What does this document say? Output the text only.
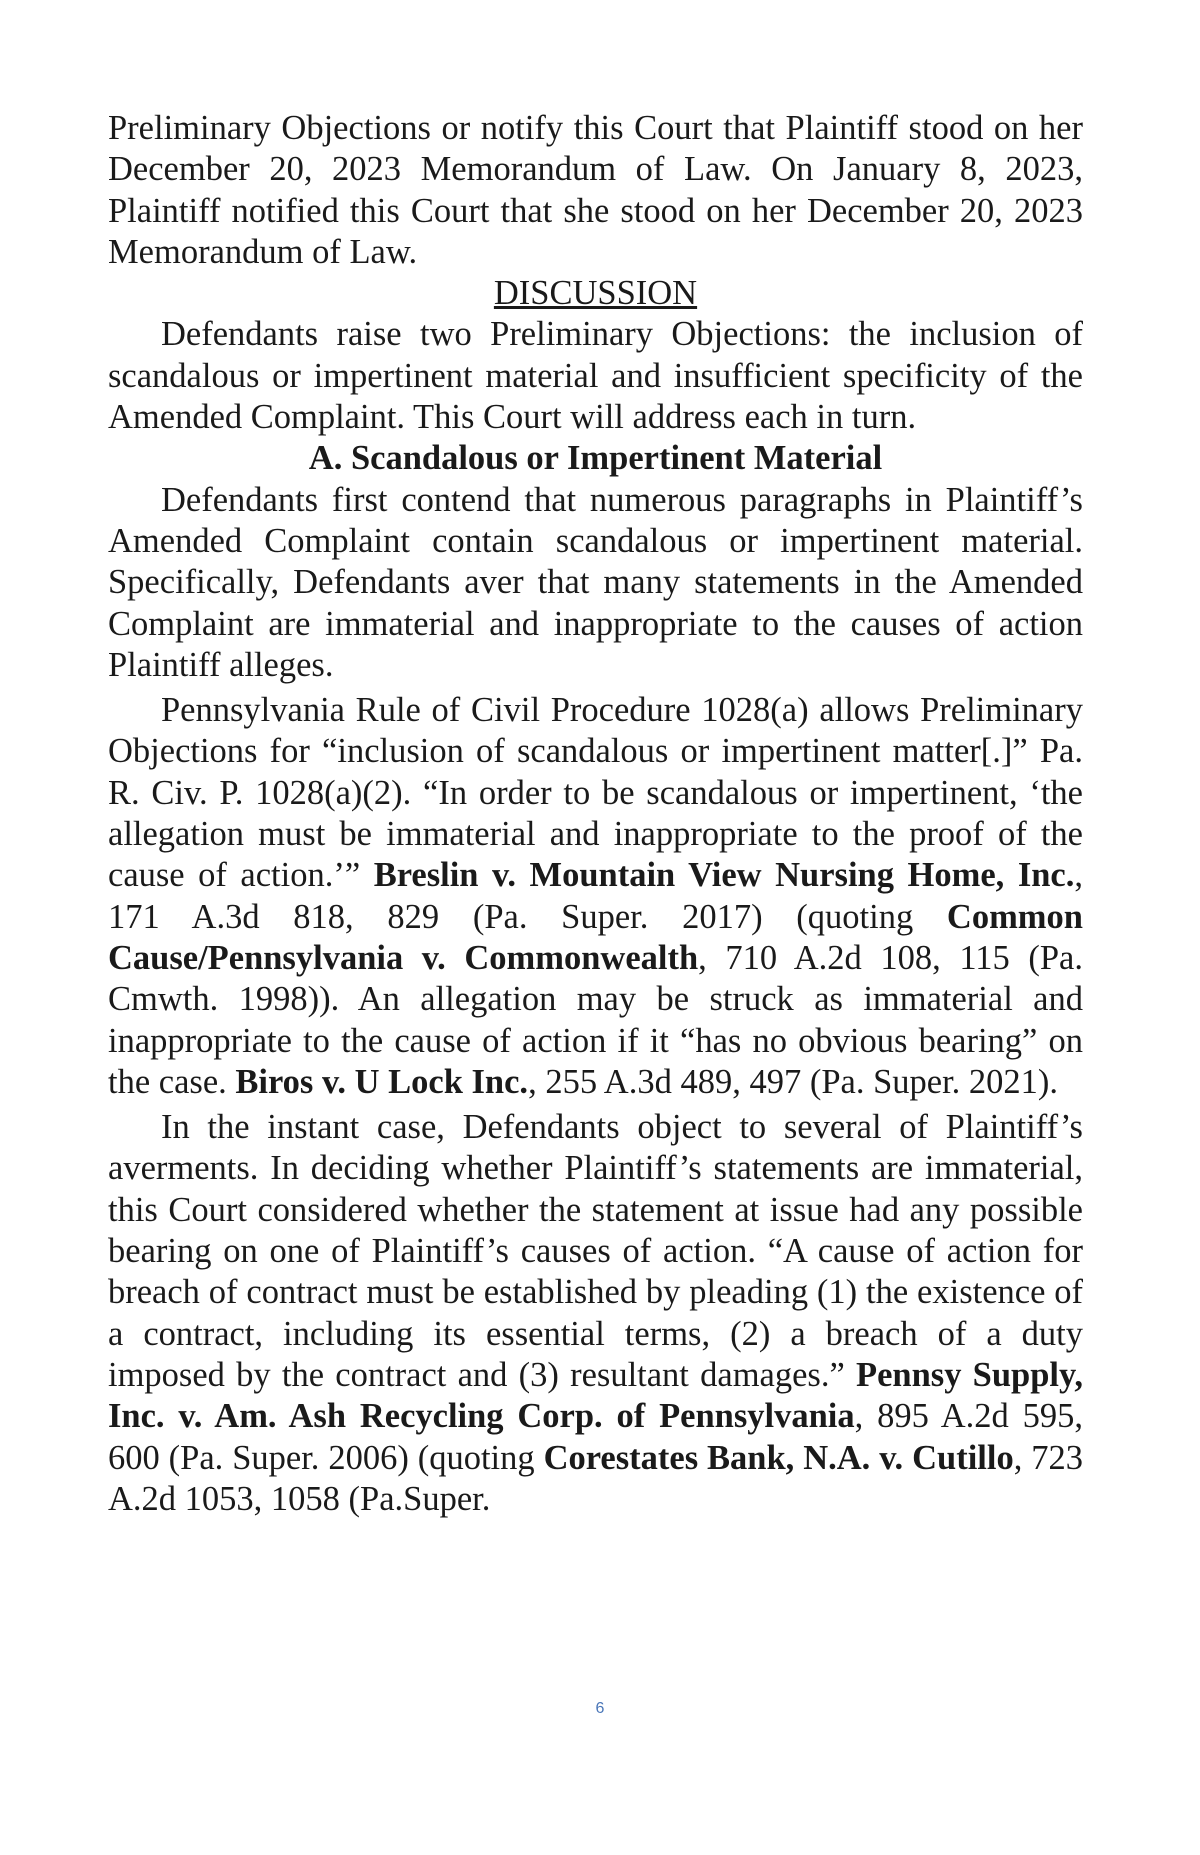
Preliminary Objections or notify this Court that Plaintiff stood on her December 20, 2023 Memorandum of Law. On January 8, 2023, Plaintiff notified this Court that she stood on her December 20, 2023 Memorandum of Law.

DISCUSSION

Defendants raise two Preliminary Objections: the inclusion of scandalous or impertinent material and insufficient specificity of the Amended Complaint. This Court will address each in turn.

A. Scandalous or Impertinent Material

Defendants first contend that numerous paragraphs in Plaintiff’s Amended Complaint contain scandalous or impertinent material. Specifically, Defendants aver that many statements in the Amended Complaint are immaterial and inappropriate to the causes of action Plaintiff alleges.

Pennsylvania Rule of Civil Procedure 1028(a) allows Preliminary Objections for “inclusion of scandalous or impertinent matter[.]” Pa. R. Civ. P. 1028(a)(2). “In order to be scandalous or impertinent, ‘the allegation must be immaterial and inappropriate to the proof of the cause of action.’” Breslin v. Mountain View Nursing Home, Inc., 171 A.3d 818, 829 (Pa. Super. 2017) (quoting Common Cause/Pennsylvania v. Commonwealth, 710 A.2d 108, 115 (Pa. Cmwth. 1998)). An allegation may be struck as immaterial and inappropriate to the cause of action if it “has no obvious bearing” on the case. Biros v. U Lock Inc., 255 A.3d 489, 497 (Pa. Super. 2021).

In the instant case, Defendants object to several of Plaintiff’s averments. In deciding whether Plaintiff’s statements are immaterial, this Court considered whether the statement at issue had any possible bearing on one of Plaintiff’s causes of action. “A cause of action for breach of contract must be established by pleading (1) the existence of a contract, including its essential terms, (2) a breach of a duty imposed by the contract and (3) resultant damages.” Pennsy Supply, Inc. v. Am. Ash Recycling Corp. of Pennsylvania, 895 A.2d 595, 600 (Pa. Super. 2006) (quoting Corestates Bank, N.A. v. Cutillo, 723 A.2d 1053, 1058 (Pa.Super.

6
